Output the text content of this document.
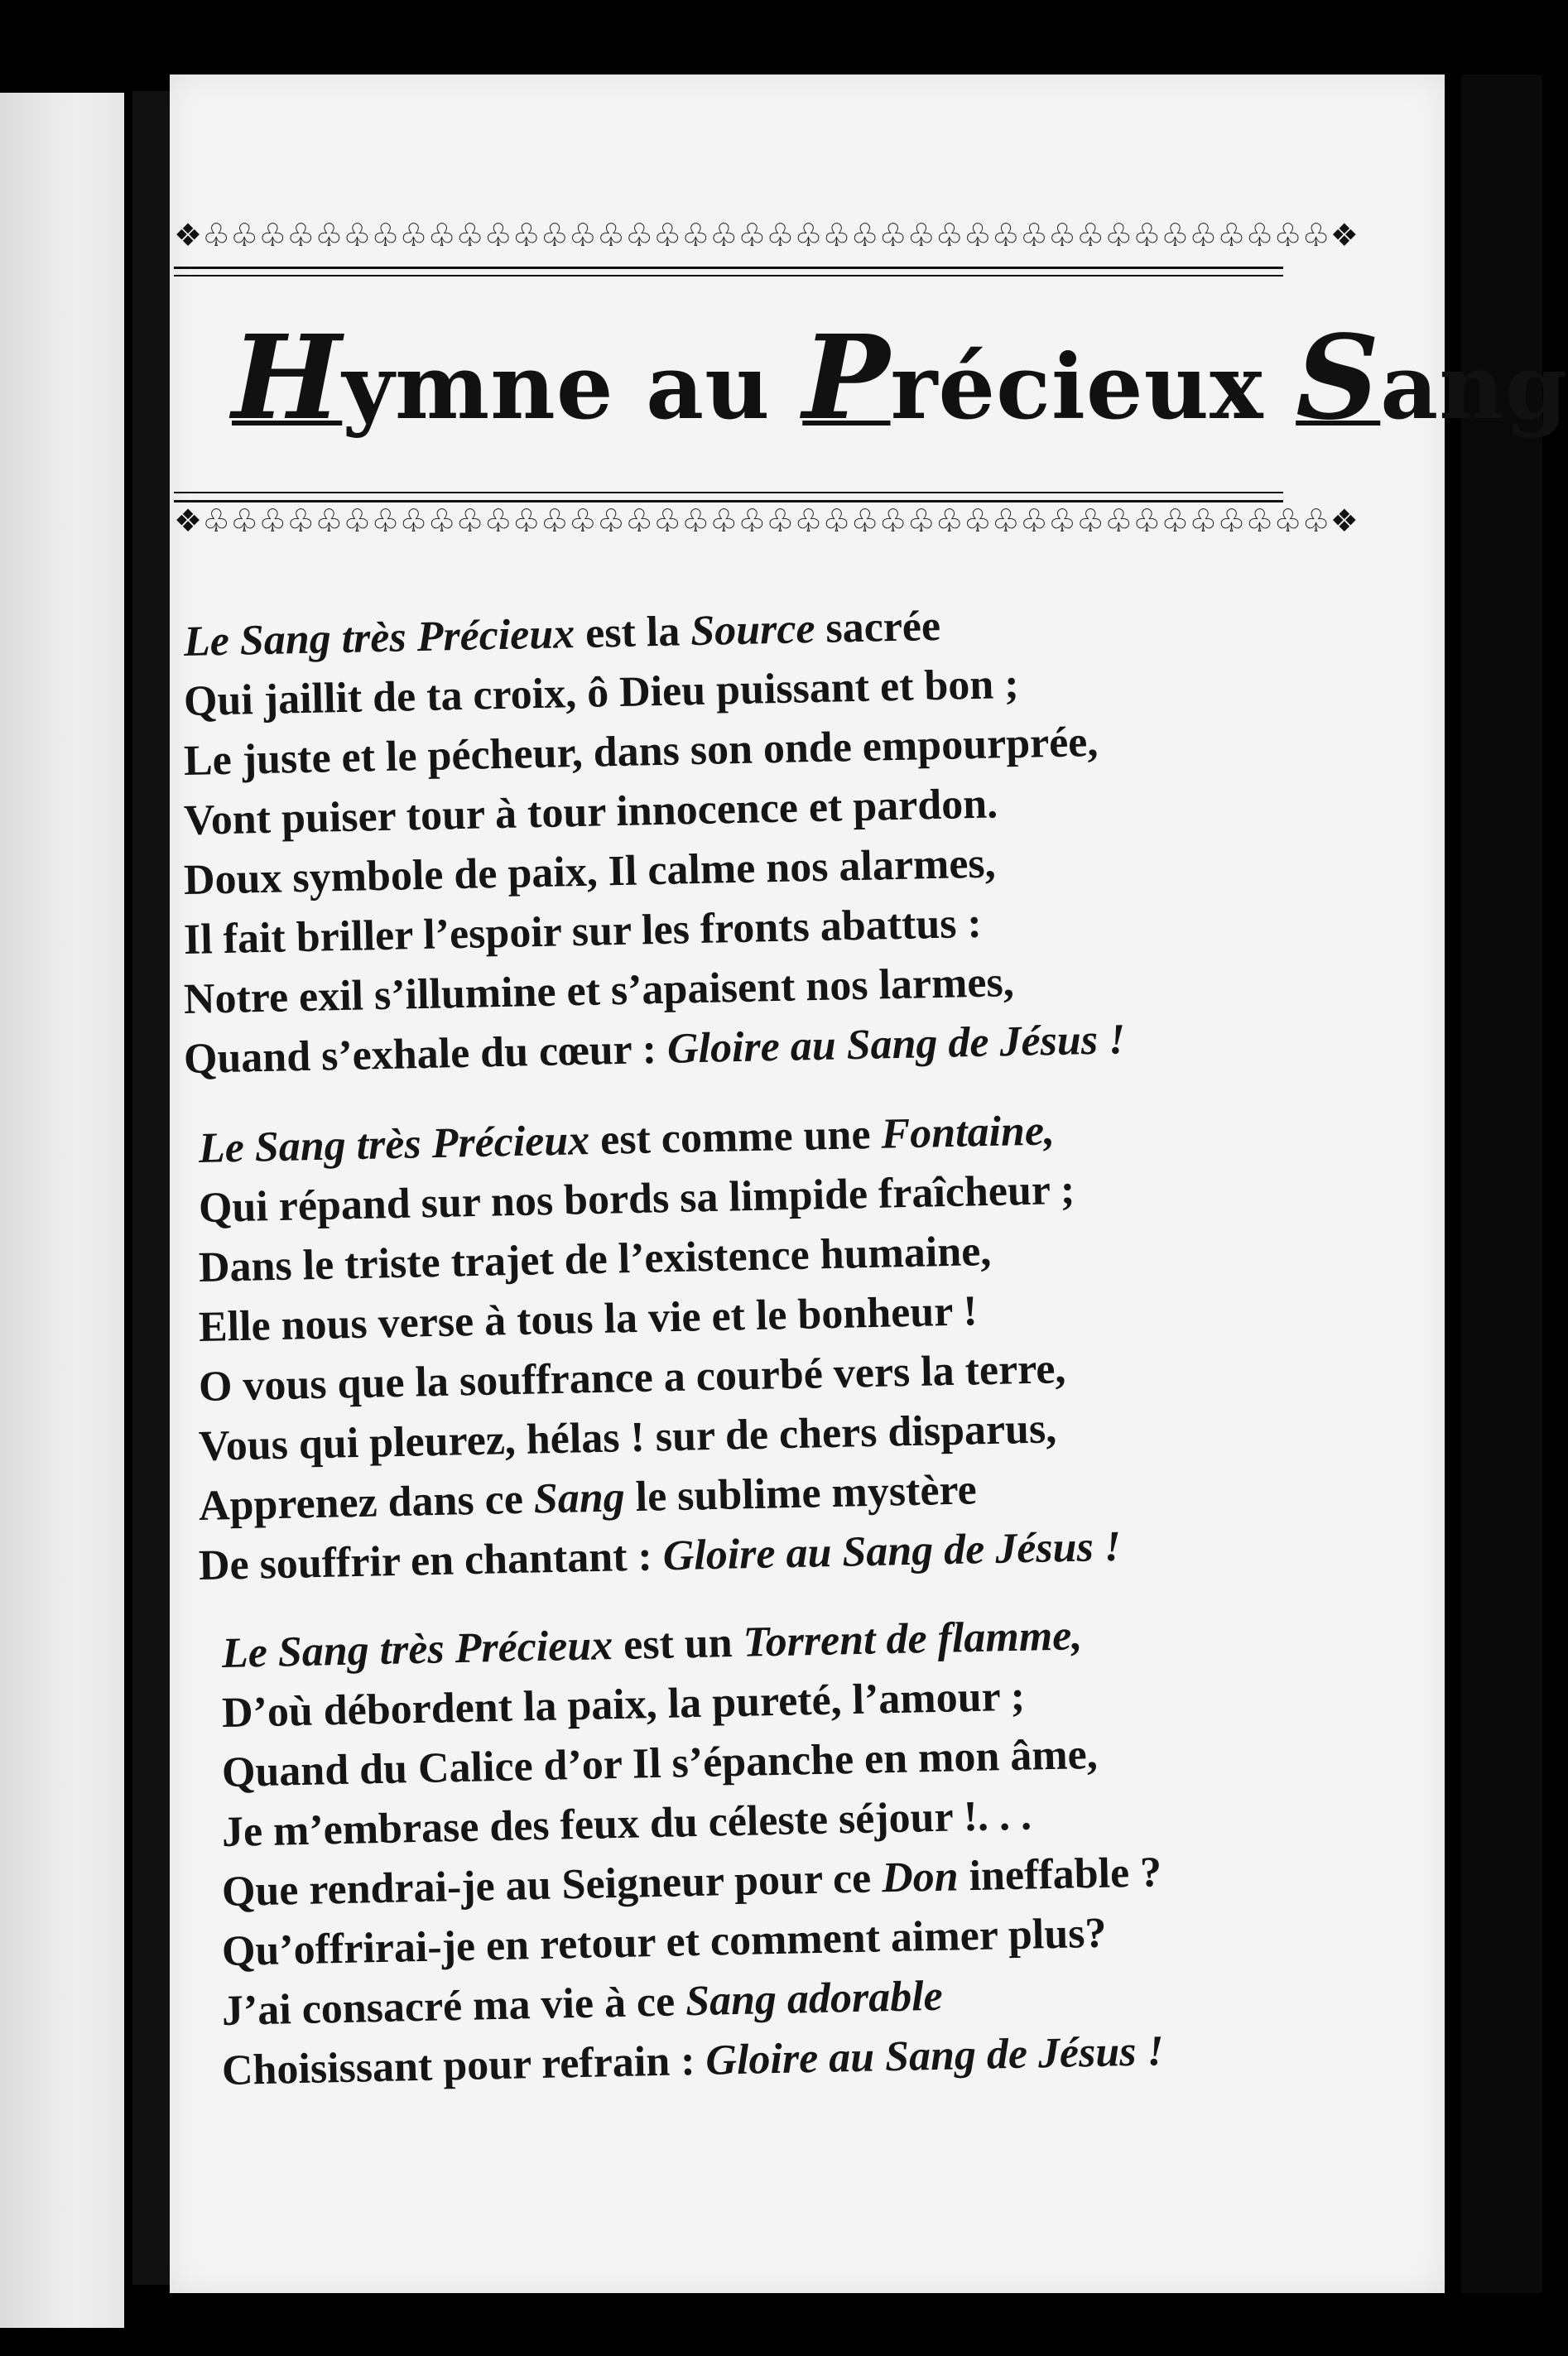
❖♧♧♧♧♧♧♧♧♧♧♧♧♧♧♧♧♧♧♧♧♧♧♧♧♧♧♧♧♧♧♧♧♧♧♧♧♧♧♧♧❖
Hymne au Précieux Sang
❖♧♧♧♧♧♧♧♧♧♧♧♧♧♧♧♧♧♧♧♧♧♧♧♧♧♧♧♧♧♧♧♧♧♧♧♧♧♧♧♧❖
Le Sang très Précieux est la Source sacrée
Qui jaillit de ta croix, ô Dieu puissant et bon ;
Le juste et le pécheur, dans son onde empourprée,
Vont puiser tour à tour innocence et pardon.
Doux symbole de paix, Il calme nos alarmes,
Il fait briller l’espoir sur les fronts abattus :
Notre exil s’illumine et s’apaisent nos larmes,
Quand s’exhale du cœur : Gloire au Sang de Jésus !
Le Sang très Précieux est comme une Fontaine,
Qui répand sur nos bords sa limpide fraîcheur ;
Dans le triste trajet de l’existence humaine,
Elle nous verse à tous la vie et le bonheur !
O vous que la souffrance a courbé vers la terre,
Vous qui pleurez, hélas ! sur de chers disparus,
Apprenez dans ce Sang le sublime mystère
De souffrir en chantant : Gloire au Sang de Jésus !
Le Sang très Précieux est un Torrent de flamme,
D’où débordent la paix, la pureté, l’amour ;
Quand du Calice d’or Il s’épanche en mon âme,
Je m’embrase des feux du céleste séjour !. . .
Que rendrai-je au Seigneur pour ce Don ineffable ?
Qu’offrirai-je en retour et comment aimer plus?
J’ai consacré ma vie à ce Sang adorable
Choisissant pour refrain : Gloire au Sang de Jésus !
